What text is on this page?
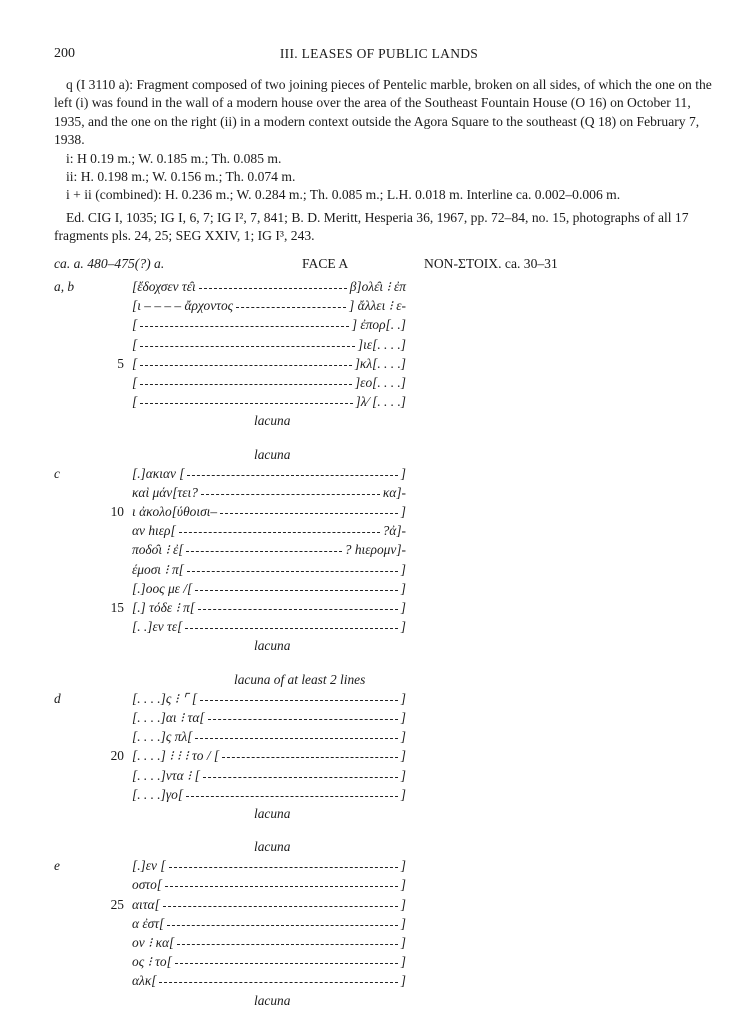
200	III. LEASES OF PUBLIC LANDS

q (I 3110 a): Fragment composed of two joining pieces of Pentelic marble, broken on all sides, of which the one on the left (i) was found in the wall of a modern house over the area of the Southeast Fountain House (O 16) on October 11, 1935, and the one on the right (ii) in a modern context outside the Agora Square to the southeast (Q 18) on February 7, 1938.

i: H 0.19 m.; W. 0.185 m.; Th. 0.085 m.

ii: H. 0.198 m.; W. 0.156 m.; Th. 0.074 m.

i + ii (combined): H. 0.236 m.; W. 0.284 m.; Th. 0.085 m.; L.H. 0.018 m. Interline ca. 0.002–0.006 m.

Ed. CIG I, 1035; IG I, 6, 7; IG I², 7, 841; B. D. Meritt, Hesperia 36, 1967, pp. 72–84, no. 15, photographs of all 17 fragments pls. 24, 25; SEG XXIV, 1; IG I³, 243.

ca. a. 480–475(?) a.	FACE A	NON-ΣΤΟΙΧ. ca. 30–31
a, b	[ἔδοχσεν τε̑ι	β]ολε̑ι ⁝ ἐπ
[ι – – – – ἄρχοντος	] ἄλλει ⁝ ε-
[	] ἐπορ[. .]
[	]ιε[. . . .]
5 [	]κλ[. . . .]
[	]εο[. . . .]
[	]λ⁄ [. . . .]
lacuna
lacuna
c	[.]ακιαν [	]
καὶ μάν[τει?	κα]-
10 ι ἀκολο[ύθοισι–	]
αν hιερ[	?ἀ]-
ποδο̑ι ⁝ ἐ[	? hιερομν]-
έμοσι ⁝ π[	]
[.]οος με /[	]
15 [.] τόδε ⁝ π[	]
[. .]εν τε[	]
lacuna
lacuna of at least 2 lines
d	[. . . .]ς ⁝ ⌜ [	]
[. . . .]αι ⁝ τα[	]
[. . . .]ς πλ[	]
20 [. . . .] ⁝ ⁝ ⁝ το / [	]
[. . . .]ντα ⁝ [	]
[. . . .]γο[	]
lacuna
lacuna
e	[.]εν [	]
οστο[	]
25 αιτα[	]
α ἐστ[	]
ον ⁝ κα[	]
ος ⁝ το[	]
αλκ[	]
lacuna
